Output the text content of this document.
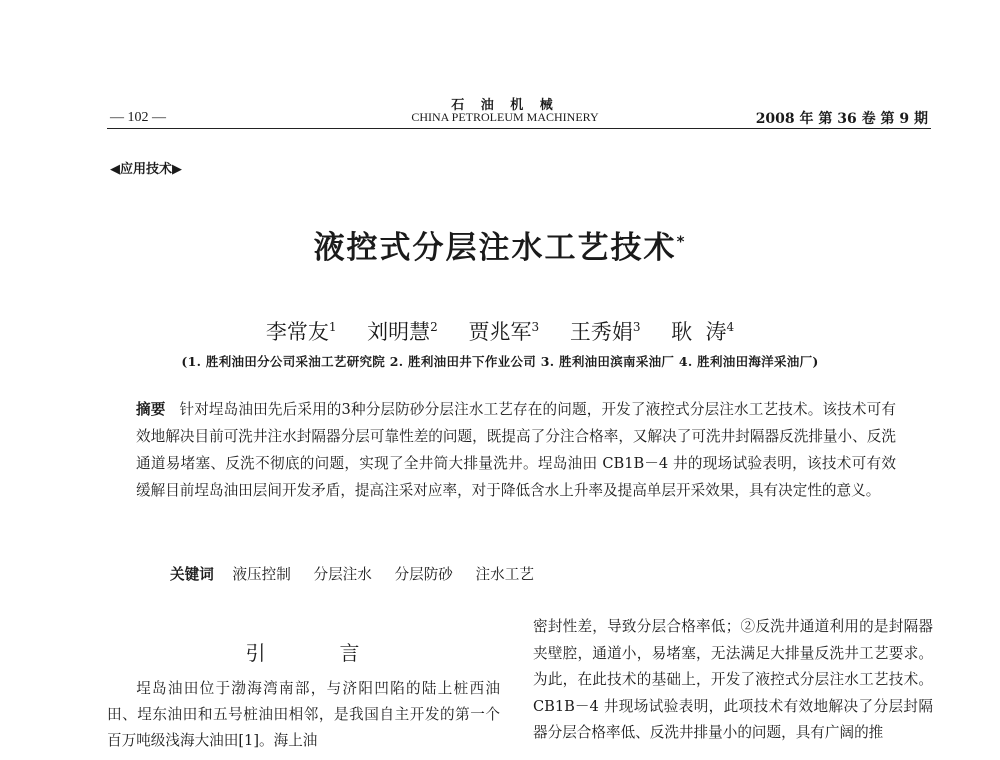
石 油 机 械
— 102 —	CHINA PETROLEUM MACHINERY	2008 年 第 36 卷 第 9 期
◀应用技术▶
液控式分层注水工艺技术*
李常友$^1$ 刘明慧$^2$ 贾兆军$^3$ 王秀娟$^3$ 耿  涛$^4$
(1. 胜利油田分公司采油工艺研究院 2. 胜利油田井下作业公司 3. 胜利油田滨南采油厂 4. 胜利油田海洋采油厂)
摘要 针对埕岛油田先后采用的3种分层防砂分层注水工艺存在的问题，开发了液控式分层注水工艺技术。该技术可有效地解决目前可洗井注水封隔器分层可靠性差的问题，既提高了分注合格率，又解决了可洗井封隔器反洗排量小、反洗通道易堵塞、反洗不彻底的问题，实现了全井筒大排量洗井。埕岛油田 CB1B－4 井的现场试验表明，该技术可有效缓解目前埕岛油田层间开发矛盾，提高注采对应率，对于降低含水上升率及提高单层开采效果，具有决定性的意义。
关键词 液压控制 分层注水 分层防砂 注水工艺
引	言

埕岛油田位于渤海湾南部，与济阳凹陷的陆上桩西油田、埕东油田和五号桩油田相邻，是我国自主开发的第一个百万吨级浅海大油田[1]。海上油

密封性差，导致分层合格率低；②反洗井通道利用的是封隔器夹壁腔，通道小，易堵塞，无法满足大排量反洗井工艺要求。为此，在此技术的基础上，开发了液控式分层注水工艺技术。CB1B－4 井现场试验表明，此项技术有效地解决了分层封隔器分层合格率低、反洗井排量小的问题，具有广阔的推
